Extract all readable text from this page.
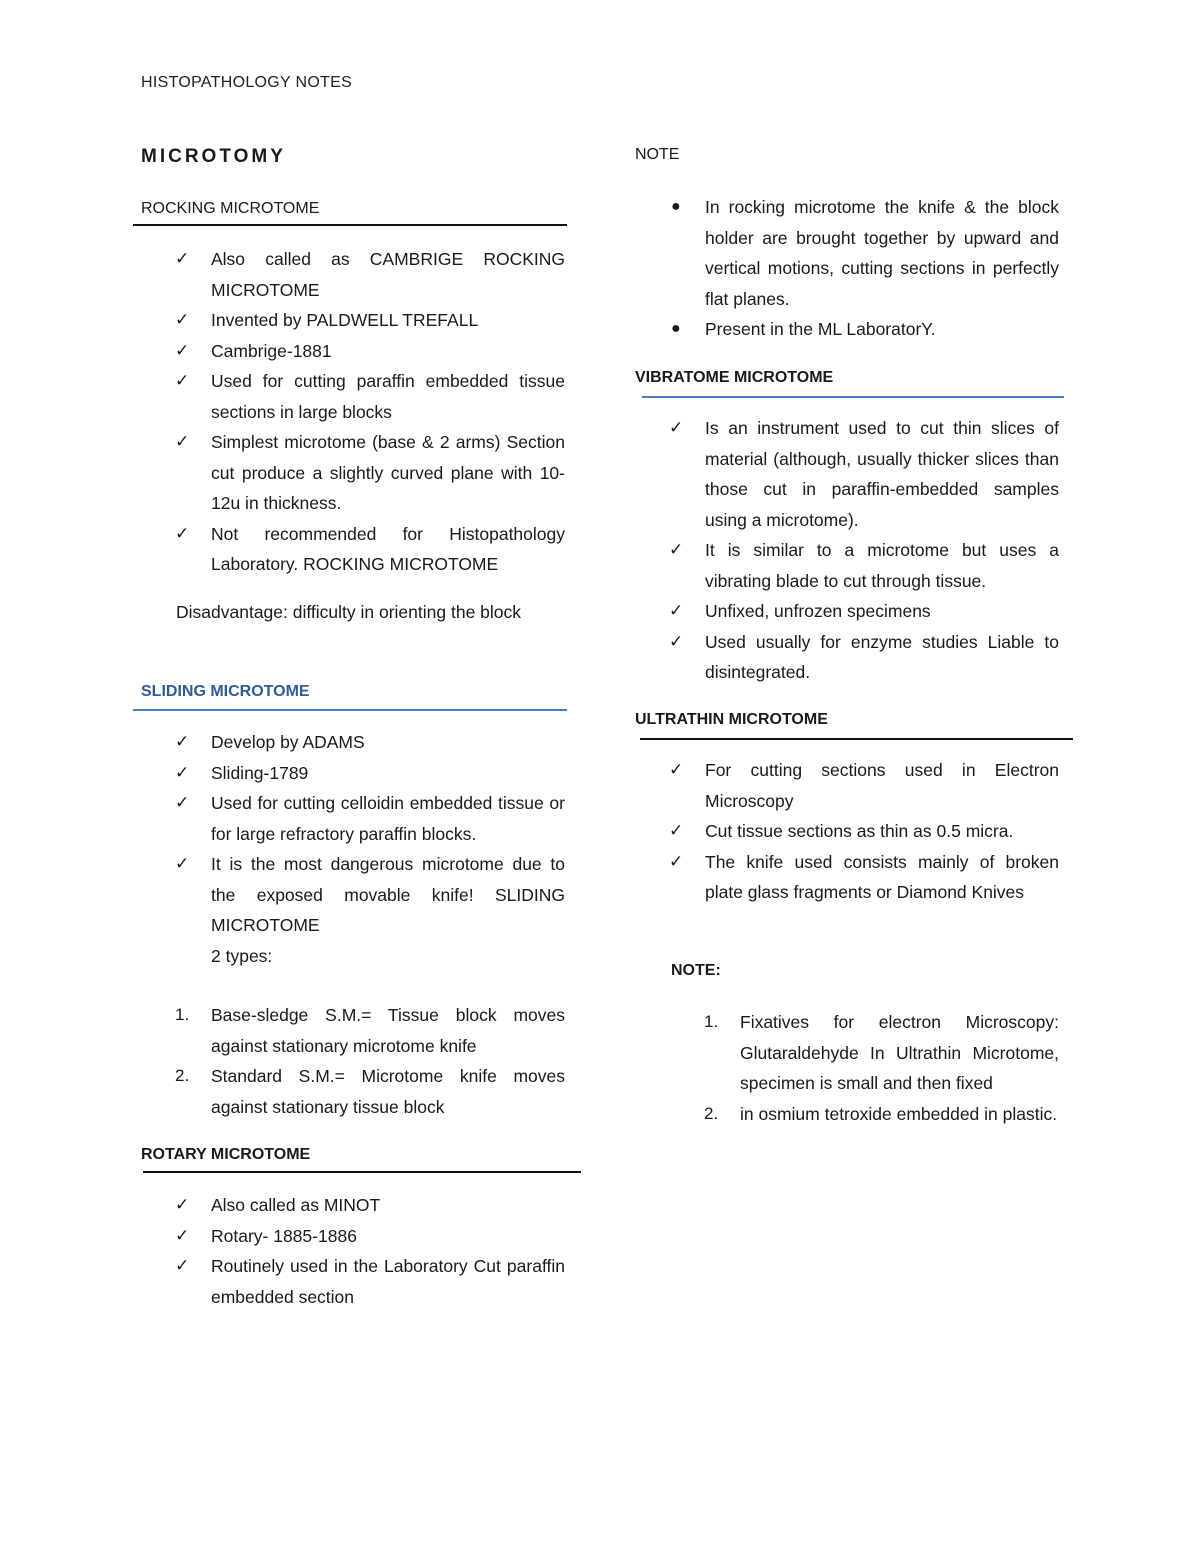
HISTOPATHOLOGY NOTES
MICROTOMY
ROCKING MICROTOME
✓ Also called as CAMBRIGE ROCKING MICROTOME
✓ Invented by PALDWELL TREFALL
✓ Cambrige-1881
✓ Used for cutting paraffin embedded tissue sections in large blocks
✓ Simplest microtome (base & 2 arms) Section cut produce a slightly curved plane with 10-12u in thickness.
✓ Not recommended for Histopathology Laboratory. ROCKING MICROTOME
Disadvantage: difficulty in orienting the block
SLIDING MICROTOME
✓ Develop by ADAMS
✓ Sliding-1789
✓ Used for cutting celloidin embedded tissue or for large refractory paraffin blocks.
✓ It is the most dangerous microtome due to the exposed movable knife! SLIDING MICROTOME
2 types:
1. Base-sledge S.M.= Tissue block moves against stationary microtome knife
2. Standard S.M.= Microtome knife moves against stationary tissue block
ROTARY MICROTOME
✓ Also called as MINOT
✓ Rotary- 1885-1886
✓ Routinely used in the Laboratory Cut paraffin embedded section
NOTE
● In rocking microtome the knife & the block holder are brought together by upward and vertical motions, cutting sections in perfectly flat planes.
● Present in the ML LaboratorY.
VIBRATOME MICROTOME
✓ Is an instrument used to cut thin slices of material (although, usually thicker slices than those cut in paraffin-embedded samples using a microtome).
✓ It is similar to a microtome but uses a vibrating blade to cut through tissue.
✓ Unfixed, unfrozen specimens
✓ Used usually for enzyme studies Liable to disintegrated.
ULTRATHIN MICROTOME
✓ For cutting sections used in Electron Microscopy
✓ Cut tissue sections as thin as 0.5 micra.
✓ The knife used consists mainly of broken plate glass fragments or Diamond Knives
NOTE:
1. Fixatives for electron Microscopy: Glutaraldehyde In Ultrathin Microtome, specimen is small and then fixed
2. in osmium tetroxide embedded in plastic.
